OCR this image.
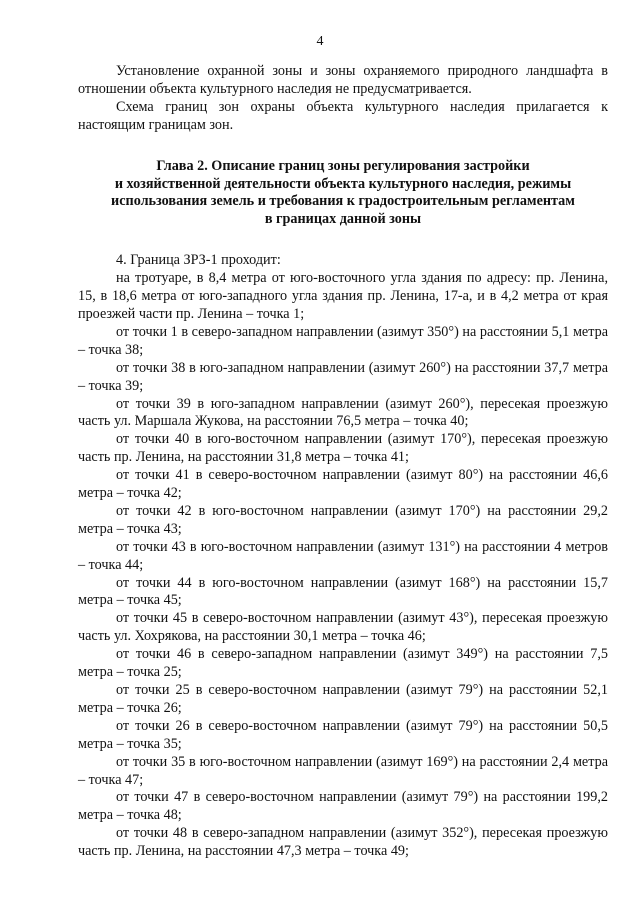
4

Установление охранной зоны и зоны охраняемого природного ландшафта в отношении объекта культурного наследия не предусматривается.

Схема границ зон охраны объекта культурного наследия прилагается к настоящим границам зон.

Глава 2. Описание границ зоны регулирования застройки
и хозяйственной деятельности объекта культурного наследия, режимы
использования земель и требования к градостроительным регламентам
в границах данной зоны

4. Граница ЗРЗ-1 проходит:

на тротуаре, в 8,4 метра от юго-восточного угла здания по адресу: пр. Ленина, 15, в 18,6 метра от юго-западного угла здания пр. Ленина, 17-а, и в 4,2 метра от края проезжей части пр. Ленина – точка 1;

от точки 1 в северо-западном направлении (азимут 350°) на расстоянии 5,1 метра – точка 38;

от точки 38 в юго-западном направлении (азимут 260°) на расстоянии 37,7 метра – точка 39;

от точки 39 в юго-западном направлении (азимут 260°), пересекая проезжую часть ул. Маршала Жукова, на расстоянии 76,5 метра – точка 40;

от точки 40 в юго-восточном направлении (азимут 170°), пересекая проезжую часть пр. Ленина, на расстоянии 31,8 метра – точка 41;

от точки 41 в северо-восточном направлении (азимут 80°) на расстоянии 46,6 метра – точка 42;

от точки 42 в юго-восточном направлении (азимут 170°) на расстоянии 29,2 метра – точка 43;

от точки 43 в юго-восточном направлении (азимут 131°) на расстоянии 4 метров – точка 44;

от точки 44 в юго-восточном направлении (азимут 168°) на расстоянии 15,7 метра – точка 45;

от точки 45 в северо-восточном направлении (азимут 43°), пересекая проезжую часть ул. Хохрякова, на расстоянии 30,1 метра – точка 46;

от точки 46 в северо-западном направлении (азимут 349°) на расстоянии 7,5 метра – точка 25;

от точки 25 в северо-восточном направлении (азимут 79°) на расстоянии 52,1 метра – точка 26;

от точки 26 в северо-восточном направлении (азимут 79°) на расстоянии 50,5 метра – точка 35;

от точки 35 в юго-восточном направлении (азимут 169°) на расстоянии 2,4 метра – точка 47;

от точки 47 в северо-восточном направлении (азимут 79°) на расстоянии 199,2 метра – точка 48;

от точки 48 в северо-западном направлении (азимут 352°), пересекая проезжую часть пр. Ленина, на расстоянии 47,3 метра – точка 49;
